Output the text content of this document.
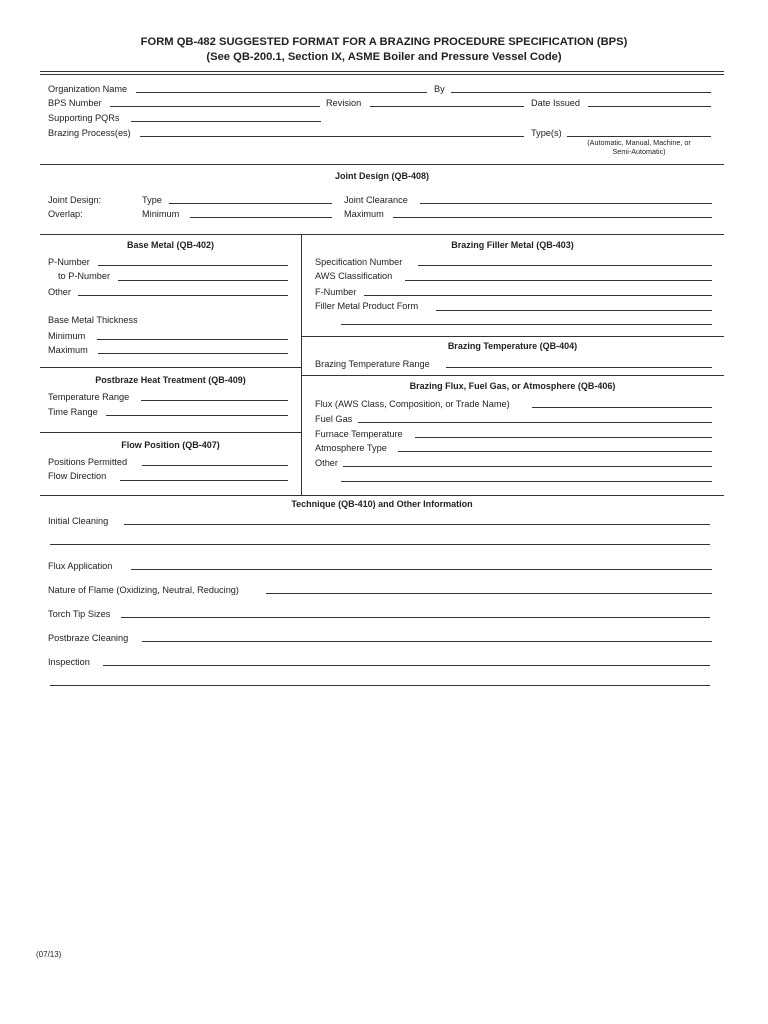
FORM QB-482 SUGGESTED FORMAT FOR A BRAZING PROCEDURE SPECIFICATION (BPS)
(See QB-200.1, Section IX, ASME Boiler and Pressure Vessel Code)
Organization Name	By
BPS Number	Revision	Date Issued
Supporting PQRs
Brazing Process(es)	Type(s)
(Automatic, Manual, Machine, or
Semi-Automatic)
Joint Design (QB-408)
Joint Design:	Type	Joint Clearance
Overlap:	Minimum	Maximum
Base Metal (QB-402)
P-Number
to P-Number
Other
Base Metal Thickness
Minimum
Maximum
Postbraze Heat Treatment (QB-409)
Temperature Range
Time Range
Flow Position (QB-407)
Positions Permitted
Flow Direction
Brazing Filler Metal (QB-403)
Specification Number
AWS Classification
F-Number
Filler Metal Product Form
Brazing Temperature (QB-404)
Brazing Temperature Range
Brazing Flux, Fuel Gas, or Atmosphere (QB-406)
Flux (AWS Class, Composition, or Trade Name)
Fuel Gas
Furnace Temperature
Atmosphere Type
Other
Technique (QB-410) and Other Information
Initial Cleaning
Flux Application
Nature of Flame (Oxidizing, Neutral, Reducing)
Torch Tip Sizes
Postbraze Cleaning
Inspection
(07/13)
